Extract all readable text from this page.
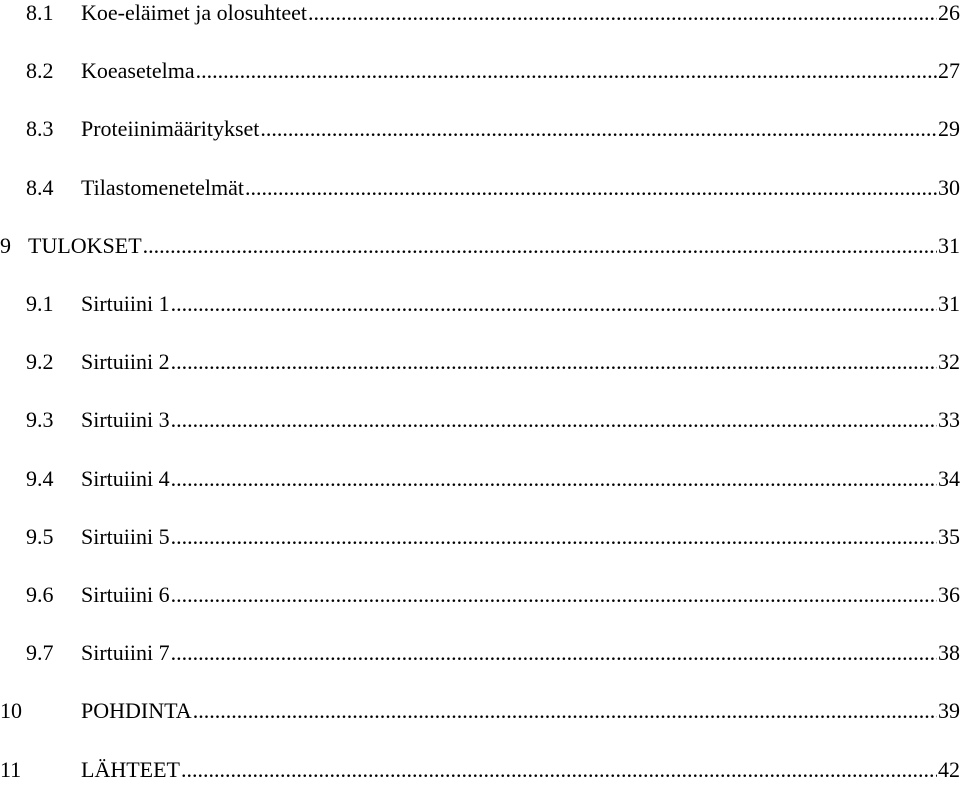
8.1	Koe-eläimet ja olosuhteet .....	26
8.2	Koeasetelma .....	27
8.3	Proteiinimääritykset .....	29
8.4	Tilastomenetelmät .....	30
9 TULOKSET .....	31
9.1	Sirtuiini 1 .....	31
9.2	Sirtuiini 2 .....	32
9.3	Sirtuiini 3 .....	33
9.4	Sirtuiini 4 .....	34
9.5	Sirtuiini 5 .....	35
9.6	Sirtuiini 6 .....	36
9.7	Sirtuiini 7 .....	38
10	POHDINTA .....	39
11	LÄHTEET .....	42
